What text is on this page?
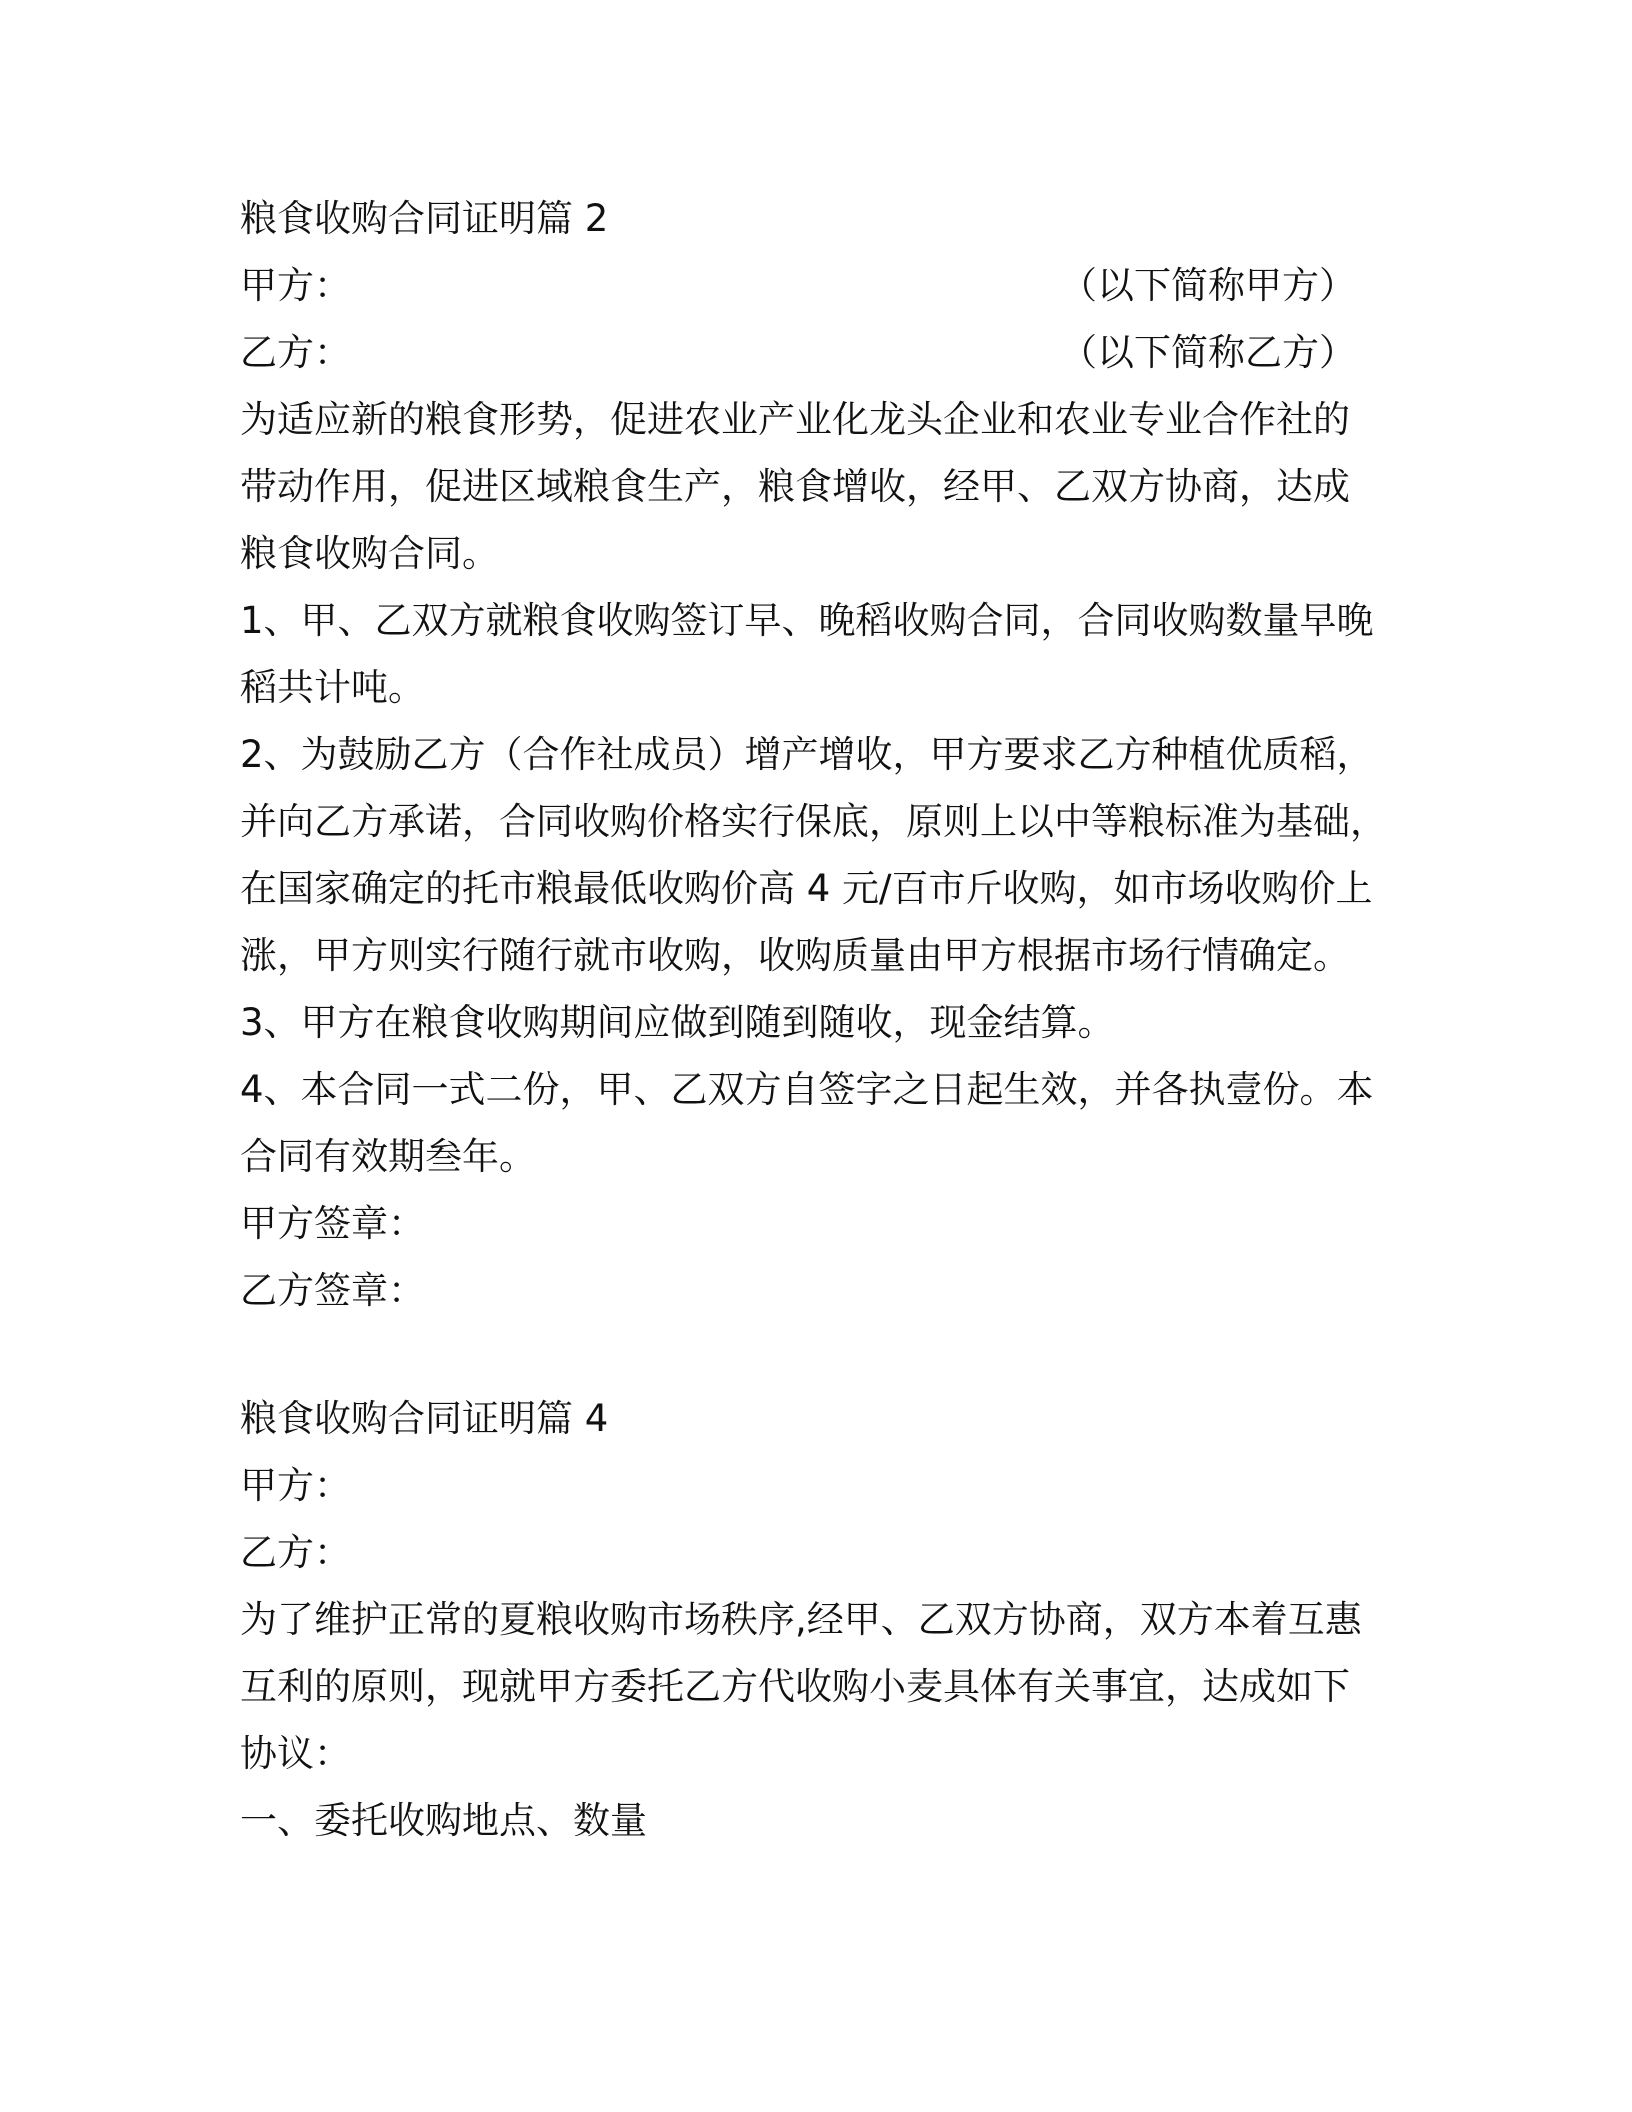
粮食收购合同证明篇 2
甲方：	（以下简称甲方）
乙方：	（以下简称乙方）
为适应新的粮食形势，促进农业产业化龙头企业和农业专业合作社的
带动作用，促进区域粮食生产，粮食增收，经甲、乙双方协商，达成
粮食收购合同。
1、甲、乙双方就粮食收购签订早、晚稻收购合同，合同收购数量早晚
稻共计吨。
2、为鼓励乙方（合作社成员）增产增收，甲方要求乙方种植优质稻，
并向乙方承诺，合同收购价格实行保底，原则上以中等粮标准为基础，
在国家确定的托市粮最低收购价高 4 元/百市斤收购，如市场收购价上
涨，甲方则实行随行就市收购，收购质量由甲方根据市场行情确定。
3、甲方在粮食收购期间应做到随到随收，现金结算。
4、本合同一式二份，甲、乙双方自签字之日起生效，并各执壹份。本
合同有效期叁年。
甲方签章：
乙方签章：
粮食收购合同证明篇 4
甲方：
乙方：
为了维护正常的夏粮收购市场秩序,经甲、乙双方协商，双方本着互惠
互利的原则，现就甲方委托乙方代收购小麦具体有关事宜，达成如下
协议：
一、委托收购地点、数量
